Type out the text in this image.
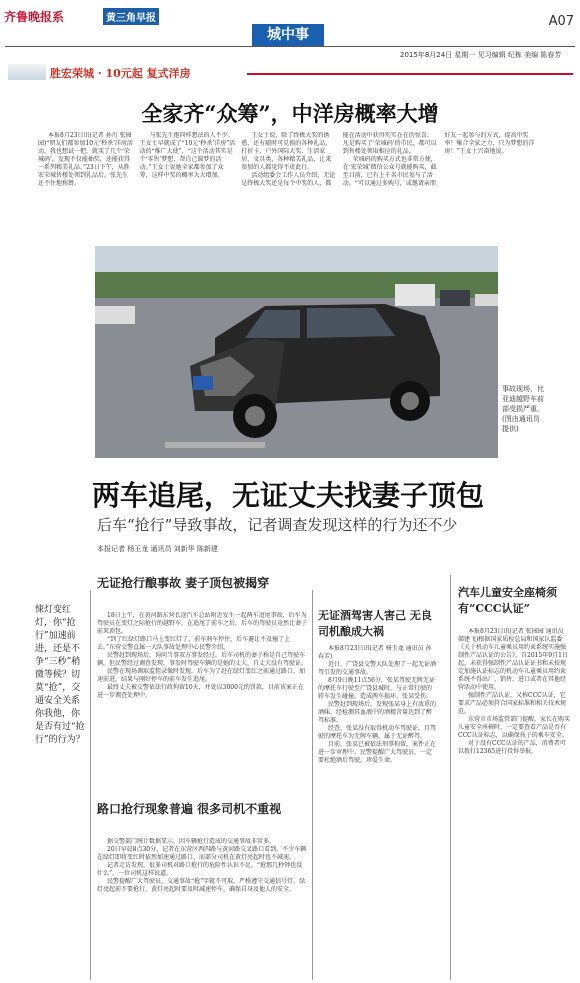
齐鲁晚报系	黄三角早报
城中事
A07
2015年8月24日 星期一 见习编辑 纪栋 美编 陈春芳
胜宏荣城 · 10元起 复式洋房
全家齐“众筹”，中洋房概率大增

本报8月23日讯(记者 孙川 张园园)“朋友们都参加10元‘秒杀’洋房活动，我也想试一把，就买了几个‘荣城码’，发现不仅能抽奖，还能获得一系列精美礼品。”23日下午，从胜宏荣城售楼处领到礼品后，张先生还不住地称赞。

与张先生抱同样想法的人不少。王女士早就成了“10元‘秒杀’洋房”活动的“推广大使”，“这个活动其实是个‘零售’梦想，帮自己圆梦的活动。”王女士说她全家都参加了众筹，这样中奖的概率大大增加。

王女士说，除了终极大奖的诱惑，还有随时可兑换的各种礼品，打折卡、户外国际大奖、生活家居、文具类，各种精美礼品，让来参加的人都觉得不虚此行。

活动组委会工作人员介绍，无论是终极大奖还是每个中奖的人，都能在活动中获得实实在在的惊喜。凡是购买了‘荣城码’的市民，都可以到售楼处领取相应的礼品。

荣城码的购买方式也非常方便，在‘宏荣城’微信公众号就能购买，截至目前，已有上千名市民参与了活动。“可以通过多购号，或邀请亲朋好友一起参与的方式，提高中奖率！集合全家之力，只为梦想的洋房！”王女士兴奋地说。

事故现场，比亚迪越野车前部受损严重。(图由通讯员提供)
两车追尾，无证丈夫找妻子顶包
后车“抢行”导致事故，记者调查发现这样的行为还不少
本报记者 杨玉龙 通讯员 刘新华 陈新建
悚灯变红灯，你“抢行”加速前进，还是不争“三秒”稍微等候？切莫“抢”，交通安全关系你我他，你是否有过“抢行”的行为？
无证抢行酿事故 妻子顶包被揭穿

18日上午，在黄河路东营长途汽车总站附近发生一起两车追尾事故，后车为驾驶员在变灯之际抢行的越野车，在追尾了前车之后，后车的驾驶员竟然让妻子前来顶包。

“到了红绿灯路口马上变红灯了，前车刹车停住，后车避让不及撞了上去。”东营交警直属一大队事故处理中心民警介绍。

民警赶到现场后，询问当事双方事发经过。后车司机的妻子称是自己驾驶车辆，但民警经过调查发现，事发时驾驶车辆的是她的丈夫，且丈夫没有驾驶证。

民警在现场调取监控录像时发现，后车为了赶在绿灯变红之前通过路口，加速前进，结果与刚好停车的前车发生追尾。

最终丈夫被交警依法行政拘留10天，并处以3000元的罚款，目前该案正在进一步调查处理中。

路口抢行现象普遍 很多司机不重视

据交警部门统计数据显示，因车辆抢行造成的交通事故非常多。

20日早晨8点30分，记者在东营区西四路与黄河路交叉路口看到，不少车辆在绿灯即将变红时依然加速通过路口，而部分司机在黄灯亮起时也不减速。

记者走访发现，很多司机对路口抢行的危险性认识不足，“抢那几秒钟也没什么”，一位司机这样说道。

民警提醒广大驾驶员，交通事故“抢”字就不可取，严格遵守交通信号灯，绿灯亮起前不要抢行，黄灯亮起时要及时减速停车，确保自身及他人的安全。

无证酒驾害人害己 无良司机酿成大祸

本报8月23日讯(记者 杨玉龙 通讯员 孙春芳)

近日，广饶县交警大队处理了一起无证酒驾引发的交通事故。

8月9日晚11点56分，张某驾驶无牌无证的摩托车行驶至广饶县城时，与正常行驶的轿车发生碰撞，造成两车损坏，张某受伤。

民警赶到现场后，发现张某身上有浓重的酒味，经检测其血液中的酒精含量达到了醉驾标准。

经查，张某没有取得机动车驾驶证，且驾驶的摩托车为无牌车辆，属于无证醉驾。

目前，张某已被依法刑事拘留，案件正在进一步审理中。民警提醒广大驾驶员，一定要杜绝酒后驾驶，珍爱生命。

汽车儿童安全座椅须有“CCC认证”

本报8月23日讯(记者 张园园 通讯员 郝建飞)根据国家质检总局和国家认监委《关于机动车儿童乘员用约束系统实施强制性产品认证的公告》，自2015年9月1日起，未获得强制性产品认证证书和未按规定加施认证标志的机动车儿童乘员用约束系统不得出厂、销售、进口或者在其他经营活动中使用。

强制性产品认证，又称CCC认证，它要求产品必须符合国家标准和相关技术规范。

东营市市场监管部门提醒，家长在购买儿童安全座椅时，一定要查看产品是否有CCC认证标志，以确保孩子的乘车安全。

对于没有CCC认证的产品，消费者可以拨打12365进行投诉举报。
